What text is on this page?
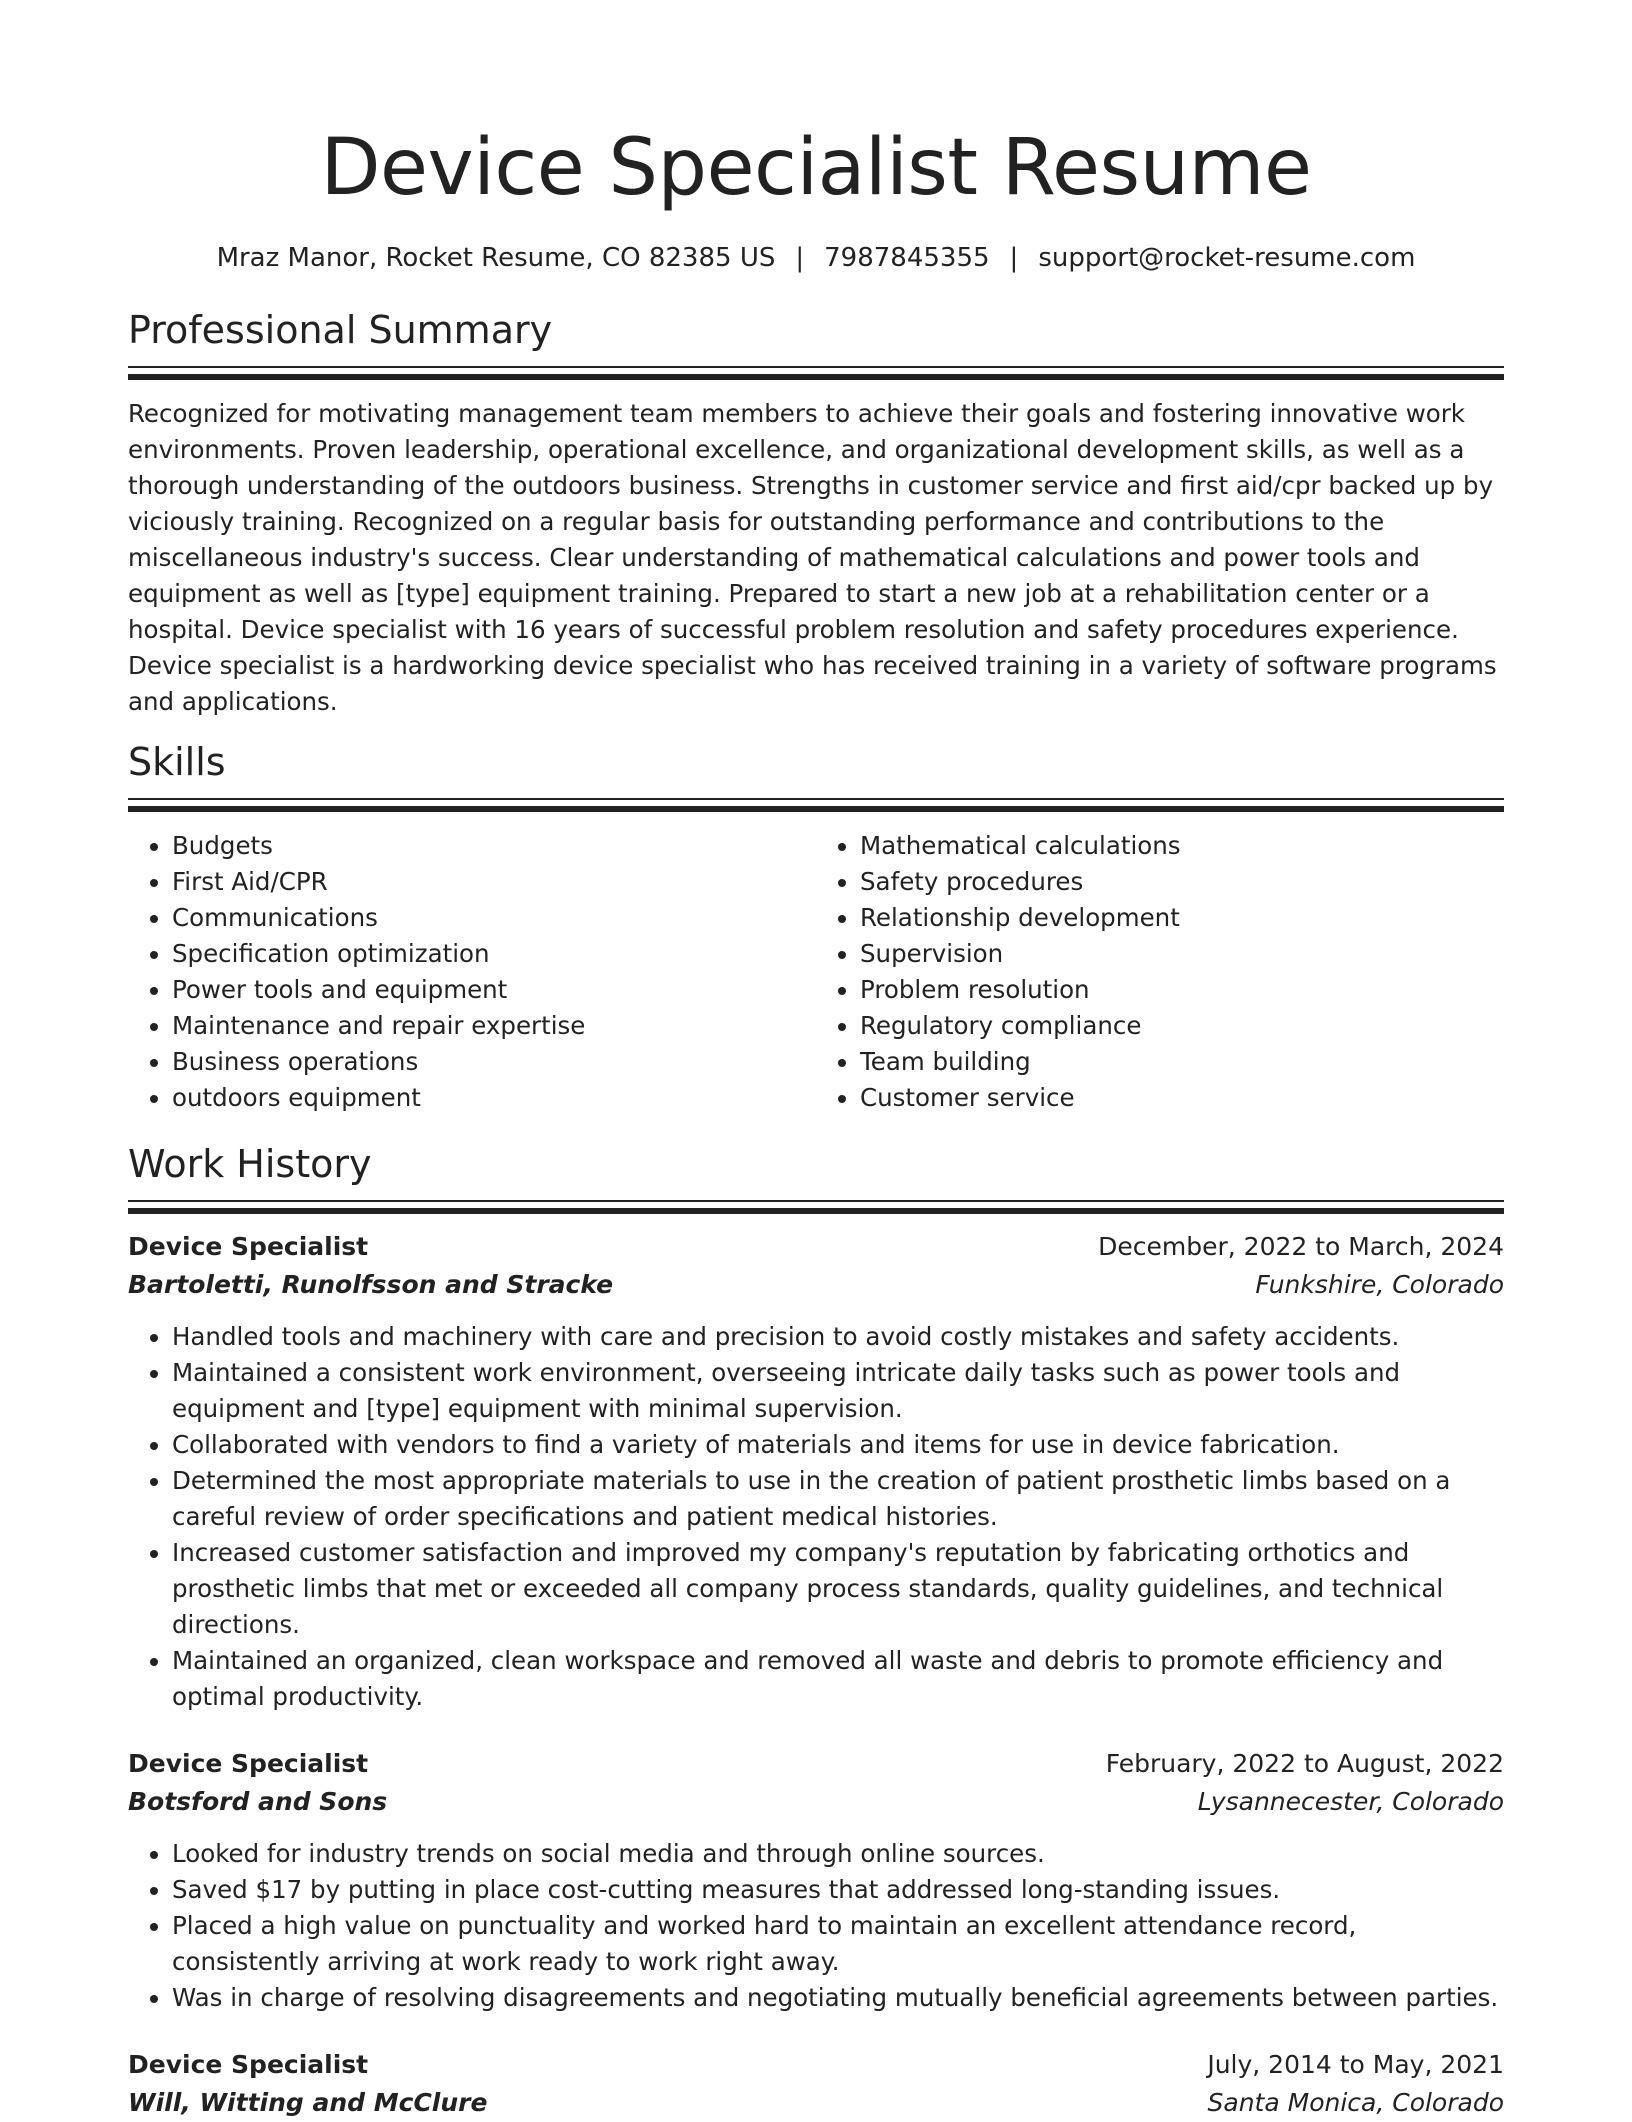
Device Specialist Resume
Mraz Manor, Rocket Resume, CO 82385 US | 7987845355 | support@rocket-resume.com
Professional Summary

Recognized for motivating management team members to achieve their goals and fostering innovative work environments. Proven leadership, operational excellence, and organizational development skills, as well as a thorough understanding of the outdoors business. Strengths in customer service and first aid/cpr backed up by viciously training. Recognized on a regular basis for outstanding performance and contributions to the miscellaneous industry's success. Clear understanding of mathematical calculations and power tools and equipment as well as [type] equipment training. Prepared to start a new job at a rehabilitation center or a hospital. Device specialist with 16 years of successful problem resolution and safety procedures experience. Device specialist is a hardworking device specialist who has received training in a variety of software programs and applications.

Skills
• Budgets
• First Aid/CPR
• Communications
• Specification optimization
• Power tools and equipment
• Maintenance and repair expertise
• Business operations
• outdoors equipment
• Mathematical calculations
• Safety procedures
• Relationship development
• Supervision
• Problem resolution
• Regulatory compliance
• Team building
• Customer service
Work History
Device Specialist	December, 2022 to March, 2024
Bartoletti, Runolfsson and Stracke	Funkshire, Colorado
• Handled tools and machinery with care and precision to avoid costly mistakes and safety accidents.
• Maintained a consistent work environment, overseeing intricate daily tasks such as power tools and equipment and [type] equipment with minimal supervision.
• Collaborated with vendors to find a variety of materials and items for use in device fabrication.
• Determined the most appropriate materials to use in the creation of patient prosthetic limbs based on a careful review of order specifications and patient medical histories.
• Increased customer satisfaction and improved my company's reputation by fabricating orthotics and prosthetic limbs that met or exceeded all company process standards, quality guidelines, and technical directions.
• Maintained an organized, clean workspace and removed all waste and debris to promote efficiency and optimal productivity.
Device Specialist	February, 2022 to August, 2022
Botsford and Sons	Lysannecester, Colorado
• Looked for industry trends on social media and through online sources.
• Saved $17 by putting in place cost-cutting measures that addressed long-standing issues.
• Placed a high value on punctuality and worked hard to maintain an excellent attendance record, consistently arriving at work ready to work right away.
• Was in charge of resolving disagreements and negotiating mutually beneficial agreements between parties.
Device Specialist	July, 2014 to May, 2021
Will, Witting and McClure	Santa Monica, Colorado
